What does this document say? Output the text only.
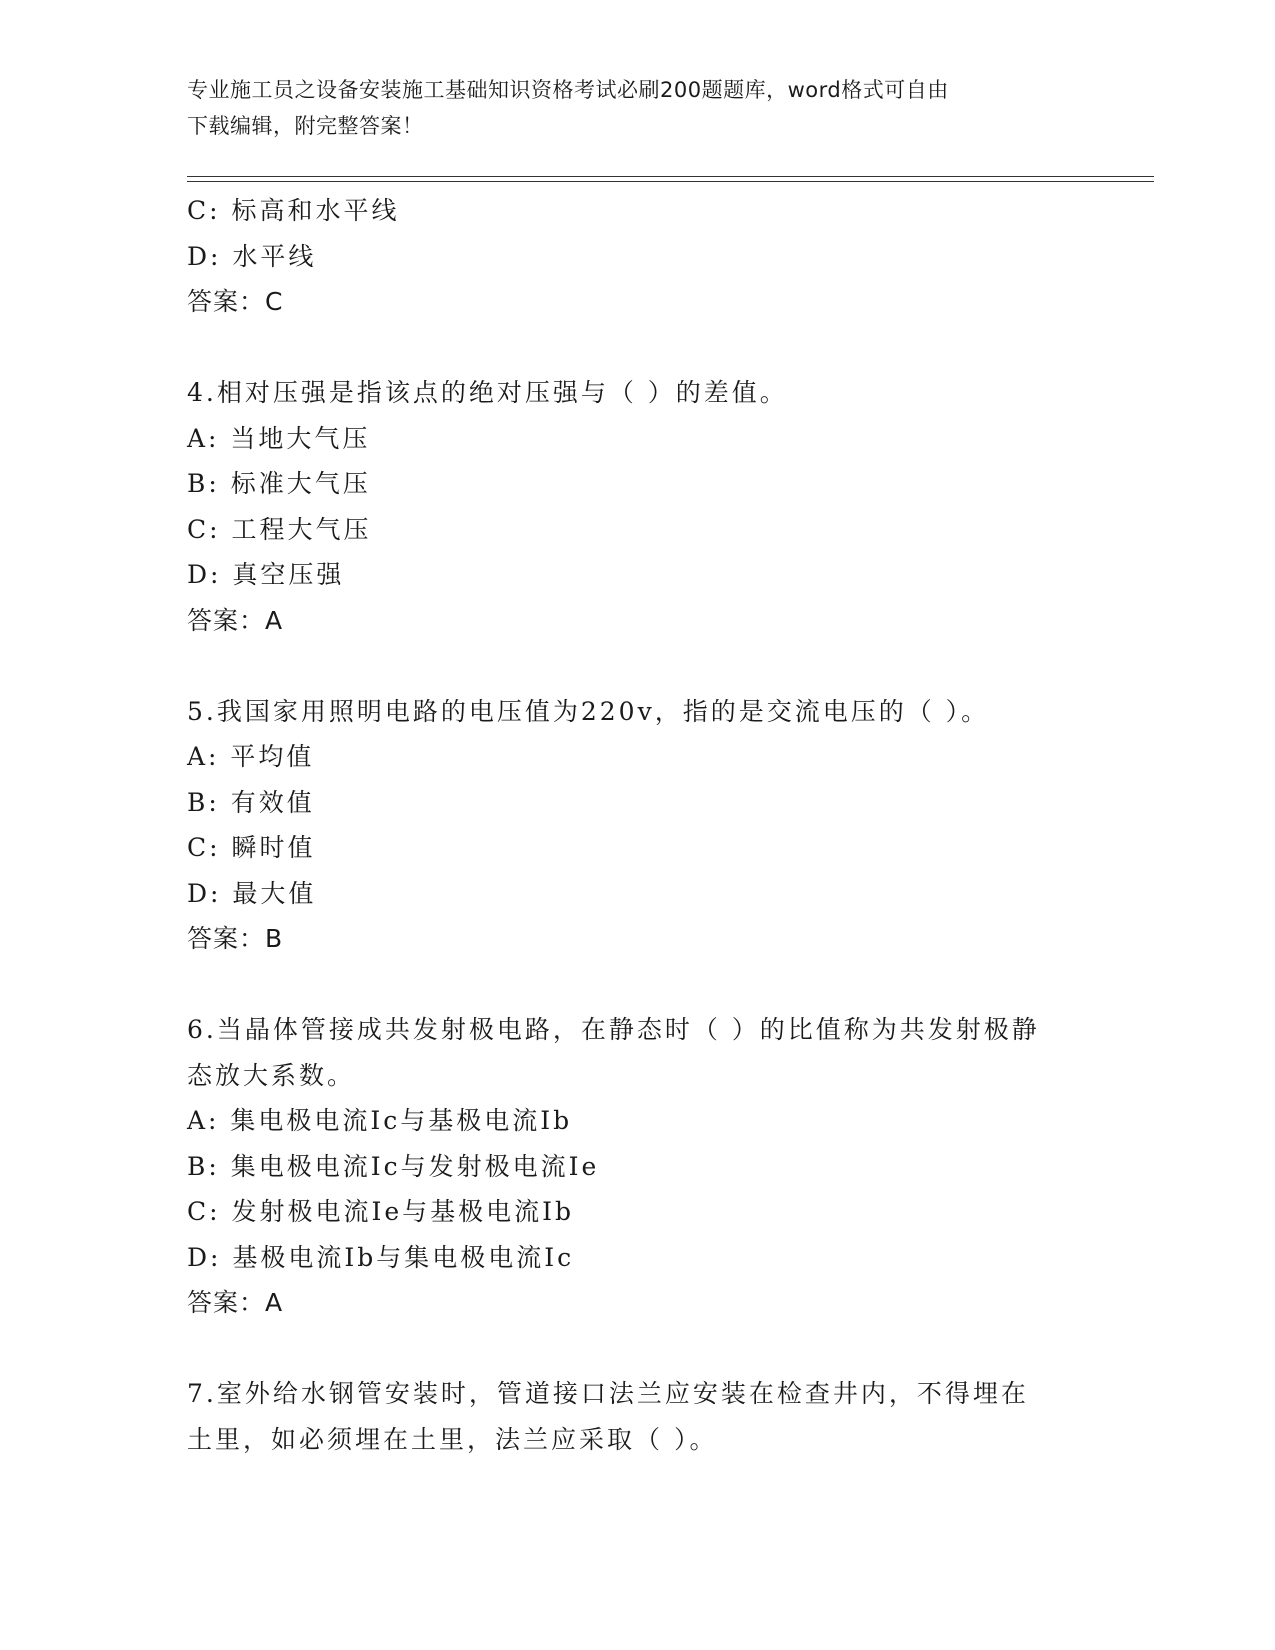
专业施工员之设备安装施工基础知识资格考试必刷200题题库，word格式可自由
下载编辑，附完整答案！
C: 标高和水平线
D: 水平线
答案：C
4.相对压强是指该点的绝对压强与（ ）的差值。
A: 当地大气压
B: 标准大气压
C: 工程大气压
D: 真空压强
答案：A
5.我国家用照明电路的电压值为220v，指的是交流电压的（ ）。
A: 平均值
B: 有效值
C: 瞬时值
D: 最大值
答案：B
6.当晶体管接成共发射极电路，在静态时（ ）的比值称为共发射极静
态放大系数。
A: 集电极电流Ic与基极电流Ib
B: 集电极电流Ic与发射极电流Ie
C: 发射极电流Ie与基极电流Ib
D: 基极电流Ib与集电极电流Ic
答案：A
7.室外给水钢管安装时，管道接口法兰应安装在检查井内，不得埋在
土里，如必须埋在土里，法兰应采取（ ）。
